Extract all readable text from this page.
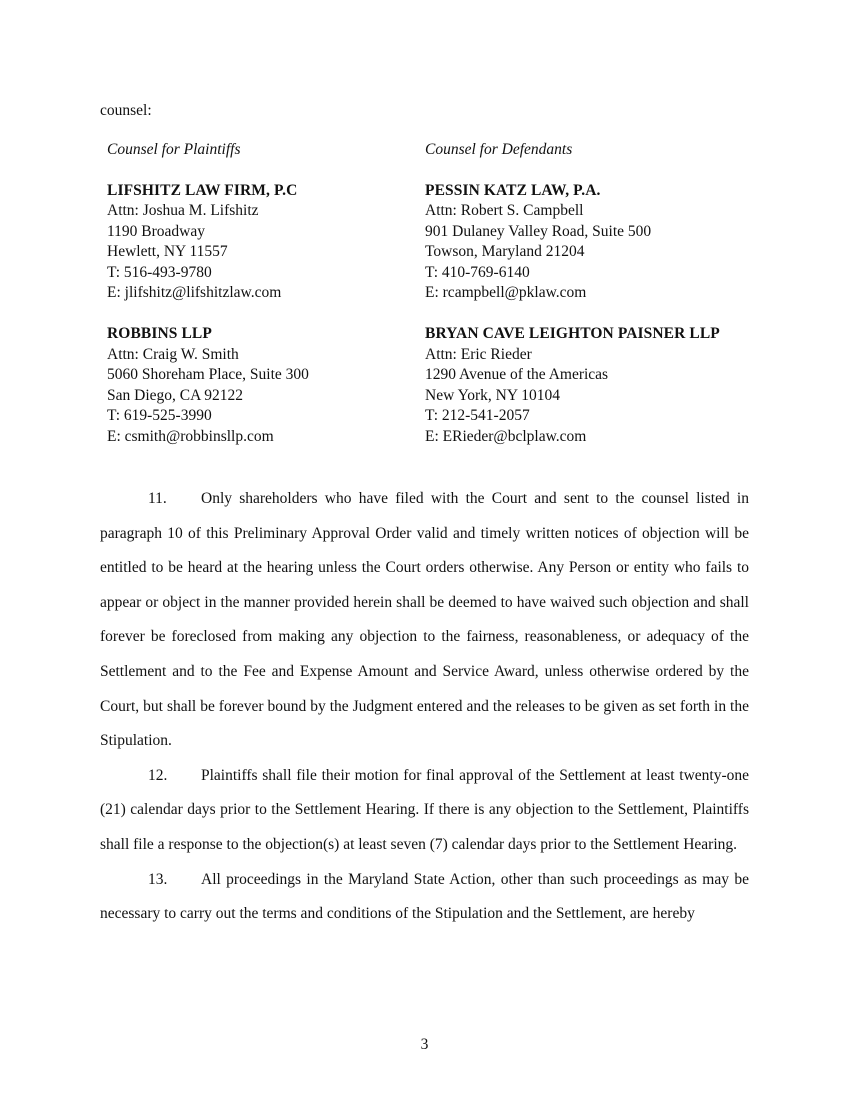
counsel:
Counsel for Plaintiffs
LIFSHITZ LAW FIRM, P.C
Attn: Joshua M. Lifshitz
1190 Broadway
Hewlett, NY 11557
T: 516-493-9780
E: jlifshitz@lifshitzlaw.com
ROBBINS LLP
Attn: Craig W. Smith
5060 Shoreham Place, Suite 300
San Diego, CA 92122
T: 619-525-3990
E: csmith@robbinsllp.com
Counsel for Defendants
PESSIN KATZ LAW, P.A.
Attn: Robert S. Campbell
901 Dulaney Valley Road, Suite 500
Towson, Maryland 21204
T: 410-769-6140
E: rcampbell@pklaw.com
BRYAN CAVE LEIGHTON PAISNER LLP
Attn: Eric Rieder
1290 Avenue of the Americas
New York, NY 10104
T: 212-541-2057
E: ERieder@bclplaw.com

11. Only shareholders who have filed with the Court and sent to the counsel listed in paragraph 10 of this Preliminary Approval Order valid and timely written notices of objection will be entitled to be heard at the hearing unless the Court orders otherwise. Any Person or entity who fails to appear or object in the manner provided herein shall be deemed to have waived such objection and shall forever be foreclosed from making any objection to the fairness, reasonableness, or adequacy of the Settlement and to the Fee and Expense Amount and Service Award, unless otherwise ordered by the Court, but shall be forever bound by the Judgment entered and the releases to be given as set forth in the Stipulation.

12. Plaintiffs shall file their motion for final approval of the Settlement at least twenty-one (21) calendar days prior to the Settlement Hearing. If there is any objection to the Settlement, Plaintiffs shall file a response to the objection(s) at least seven (7) calendar days prior to the Settlement Hearing.

13. All proceedings in the Maryland State Action, other than such proceedings as may be necessary to carry out the terms and conditions of the Stipulation and the Settlement, are hereby

3
